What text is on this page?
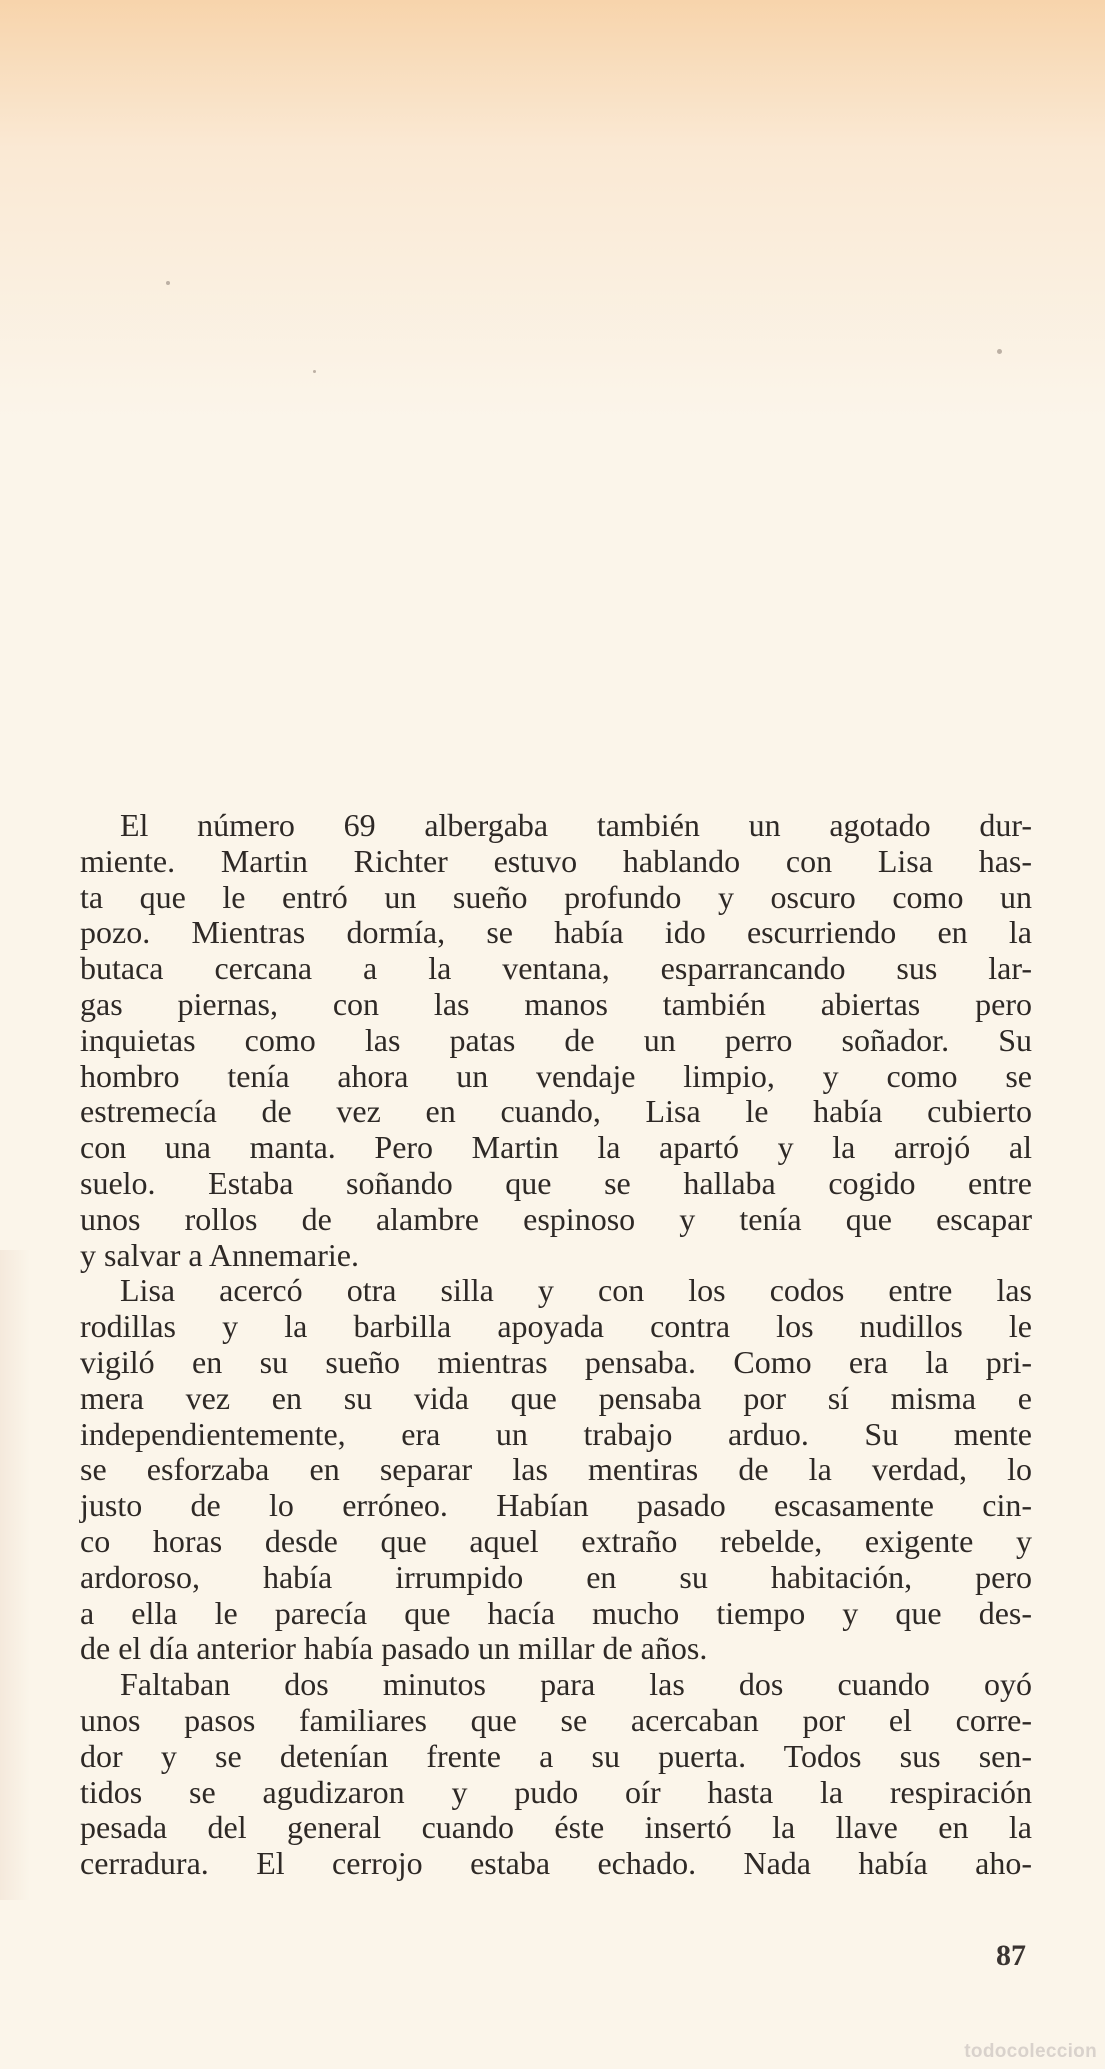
El número 69 albergaba también un agotado dur-
miente. Martin Richter estuvo hablando con Lisa has-
ta que le entró un sueño profundo y oscuro como un
pozo. Mientras dormía, se había ido escurriendo en la
butaca cercana a la ventana, esparrancando sus lar-
gas piernas, con las manos también abiertas pero
inquietas como las patas de un perro soñador. Su
hombro tenía ahora un vendaje limpio, y como se
estremecía de vez en cuando, Lisa le había cubierto
con una manta. Pero Martin la apartó y la arrojó al
suelo. Estaba soñando que se hallaba cogido entre
unos rollos de alambre espinoso y tenía que escapar
y salvar a Annemarie.

Lisa acercó otra silla y con los codos entre las
rodillas y la barbilla apoyada contra los nudillos le
vigiló en su sueño mientras pensaba. Como era la pri-
mera vez en su vida que pensaba por sí misma e
independientemente, era un trabajo arduo. Su mente
se esforzaba en separar las mentiras de la verdad, lo
justo de lo erróneo. Habían pasado escasamente cin-
co horas desde que aquel extraño rebelde, exigente y
ardoroso, había irrumpido en su habitación, pero
a ella le parecía que hacía mucho tiempo y que des-
de el día anterior había pasado un millar de años.

Faltaban dos minutos para las dos cuando oyó
unos pasos familiares que se acercaban por el corre-
dor y se detenían frente a su puerta. Todos sus sen-
tidos se agudizaron y pudo oír hasta la respiración
pesada del general cuando éste insertó la llave en la
cerradura. El cerrojo estaba echado. Nada había aho-

87
todocoleccion
